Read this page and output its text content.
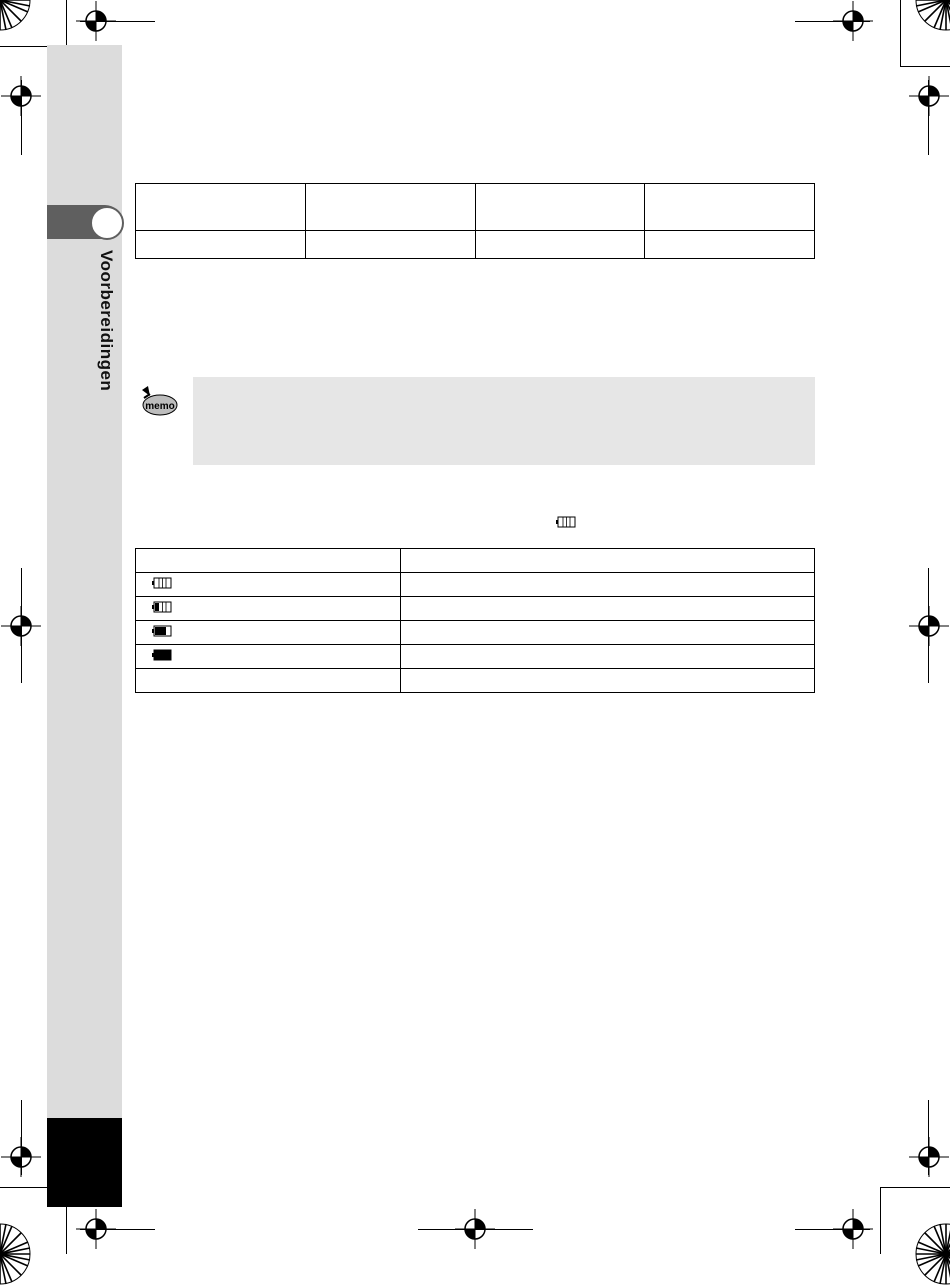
Voorbereidingen

memo
